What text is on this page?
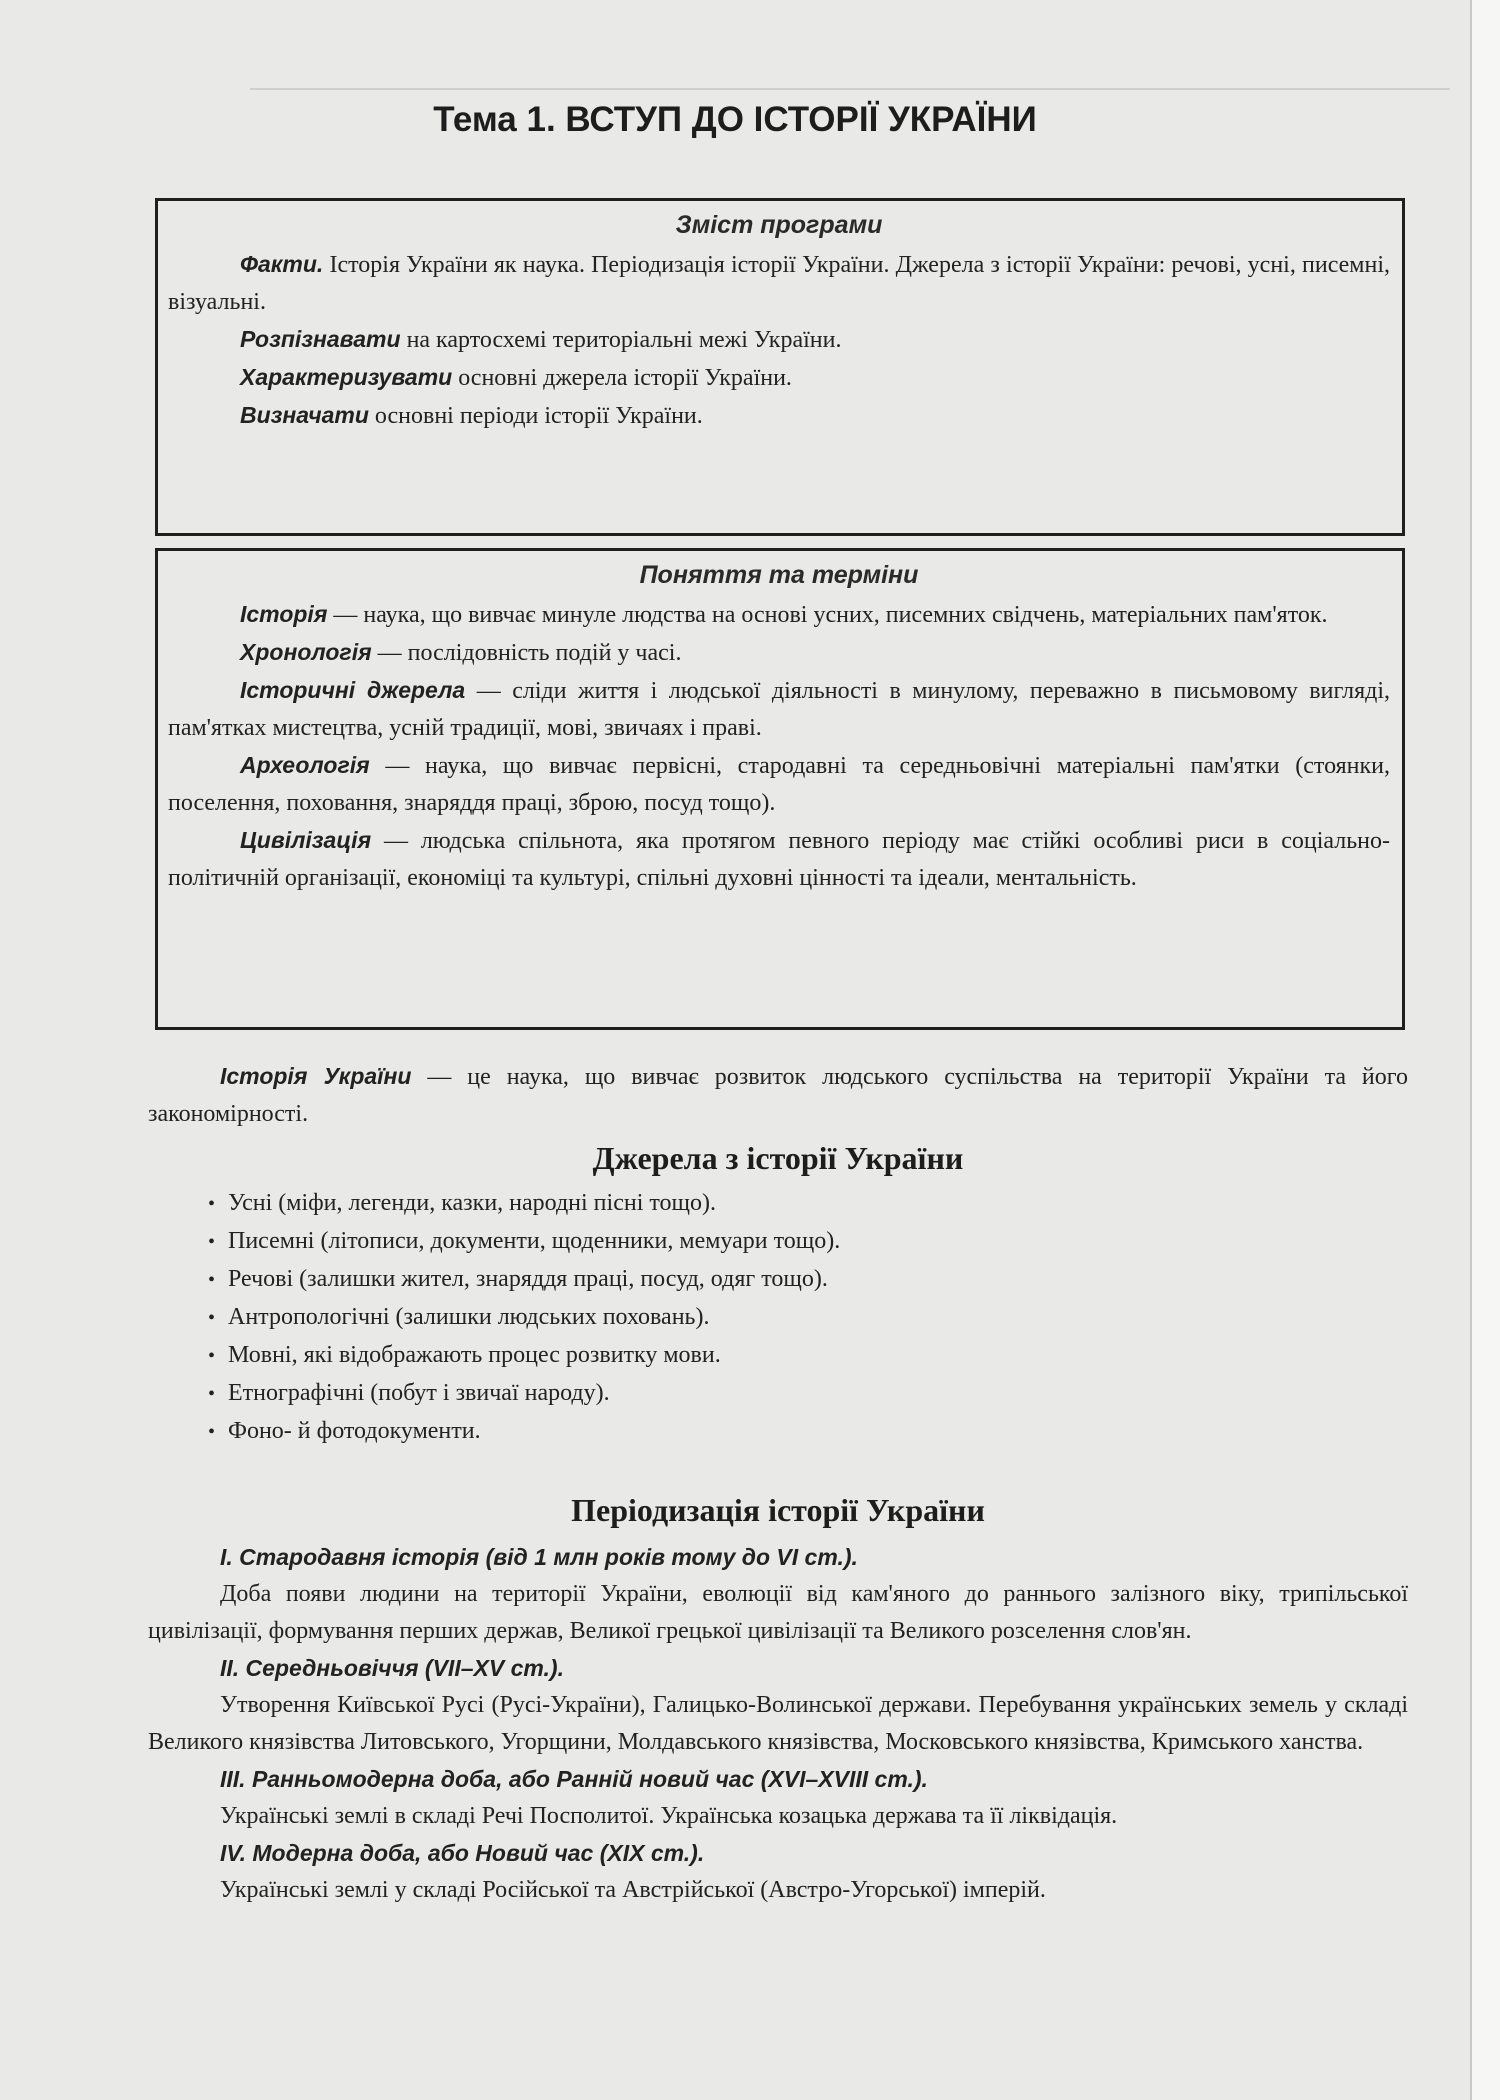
Тема 1. ВСТУП ДО ІСТОРІЇ УКРАЇНИ
Зміст програми

Факти. Історія України як наука. Періодизація історії України. Джерела з історії України: речові, усні, писемні, візуальні.

Розпізнавати на картосхемі територіальні межі України.

Характеризувати основні джерела історії України.

Визначати основні періоди історії України.

Поняття та терміни

Історія — наука, що вивчає минуле людства на основі усних, писемних свідчень, матеріальних пам'яток.

Хронологія — послідовність подій у часі.

Історичні джерела — сліди життя і людської діяльності в минулому, переважно в письмовому вигляді, пам'ятках мистецтва, усній традиції, мові, звичаях і праві.

Археологія — наука, що вивчає первісні, стародавні та середньовічні матеріальні пам'ятки (стоянки, поселення, поховання, знаряддя праці, зброю, посуд тощо).

Цивілізація — людська спільнота, яка протягом певного періоду має стійкі особливі риси в соціально-політичній організації, економіці та культурі, спільні духовні цінності та ідеали, ментальність.

Історія України — це наука, що вивчає розвиток людського суспільства на території України та його закономірності.

Джерела з історії України
• Усні (міфи, легенди, казки, народні пісні тощо).
• Писемні (літописи, документи, щоденники, мемуари тощо).
• Речові (залишки жител, знаряддя праці, посуд, одяг тощо).
• Антропологічні (залишки людських поховань).
• Мовні, які відображають процес розвитку мови.
• Етнографічні (побут і звичаї народу).
• Фоно- й фотодокументи.
Періодизація історії України
I. Стародавня історія (від 1 млн років тому до VI ст.).

Доба появи людини на території України, еволюції від кам'яного до раннього залізного віку, трипільської цивілізації, формування перших держав, Великої грецької цивілізації та Великого розселення слов'ян.

II. Середньовіччя (VII–XV ст.).

Утворення Київської Русі (Русі-України), Галицько-Волинської держави. Перебування українських земель у складі Великого князівства Литовського, Угорщини, Молдавського князівства, Московського князівства, Кримського ханства.

III. Ранньомодерна доба, або Ранній новий час (XVI–XVIII ст.).

Українські землі в складі Речі Посполитої. Українська козацька держава та її ліквідація.

IV. Модерна доба, або Новий час (XIX ст.).

Українські землі у складі Російської та Австрійської (Австро-Угорської) імперій.
